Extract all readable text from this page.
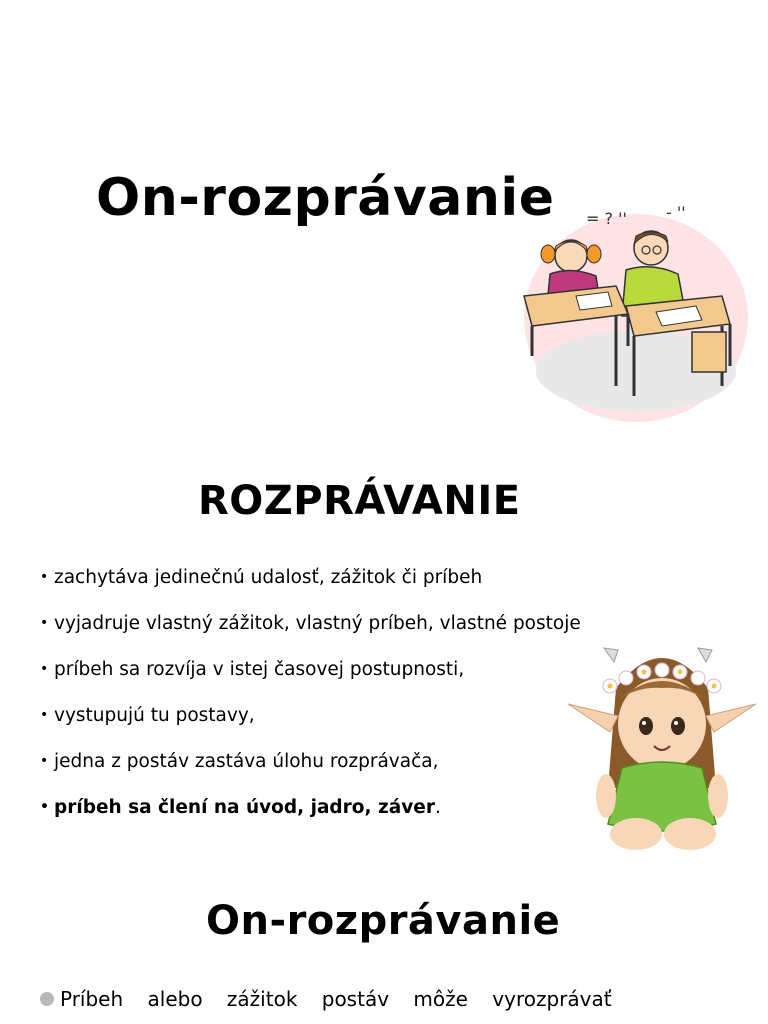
On-rozprávanie = ? '' - ''
ROZPRÁVANIE
• zachytáva jedinečnú udalosť, zážitok či príbeh
• vyjadruje vlastný zážitok, vlastný príbeh, vlastné postoje
• príbeh sa rozvíja v istej časovej postupnosti,
• vystupujú tu postavy,
• jedna z postáv zastáva úlohu rozprávača,
• príbeh sa člení na úvod, jadro, záver.
On-rozprávanie

Príbeh alebo zážitok postáv môže vyrozprávať
